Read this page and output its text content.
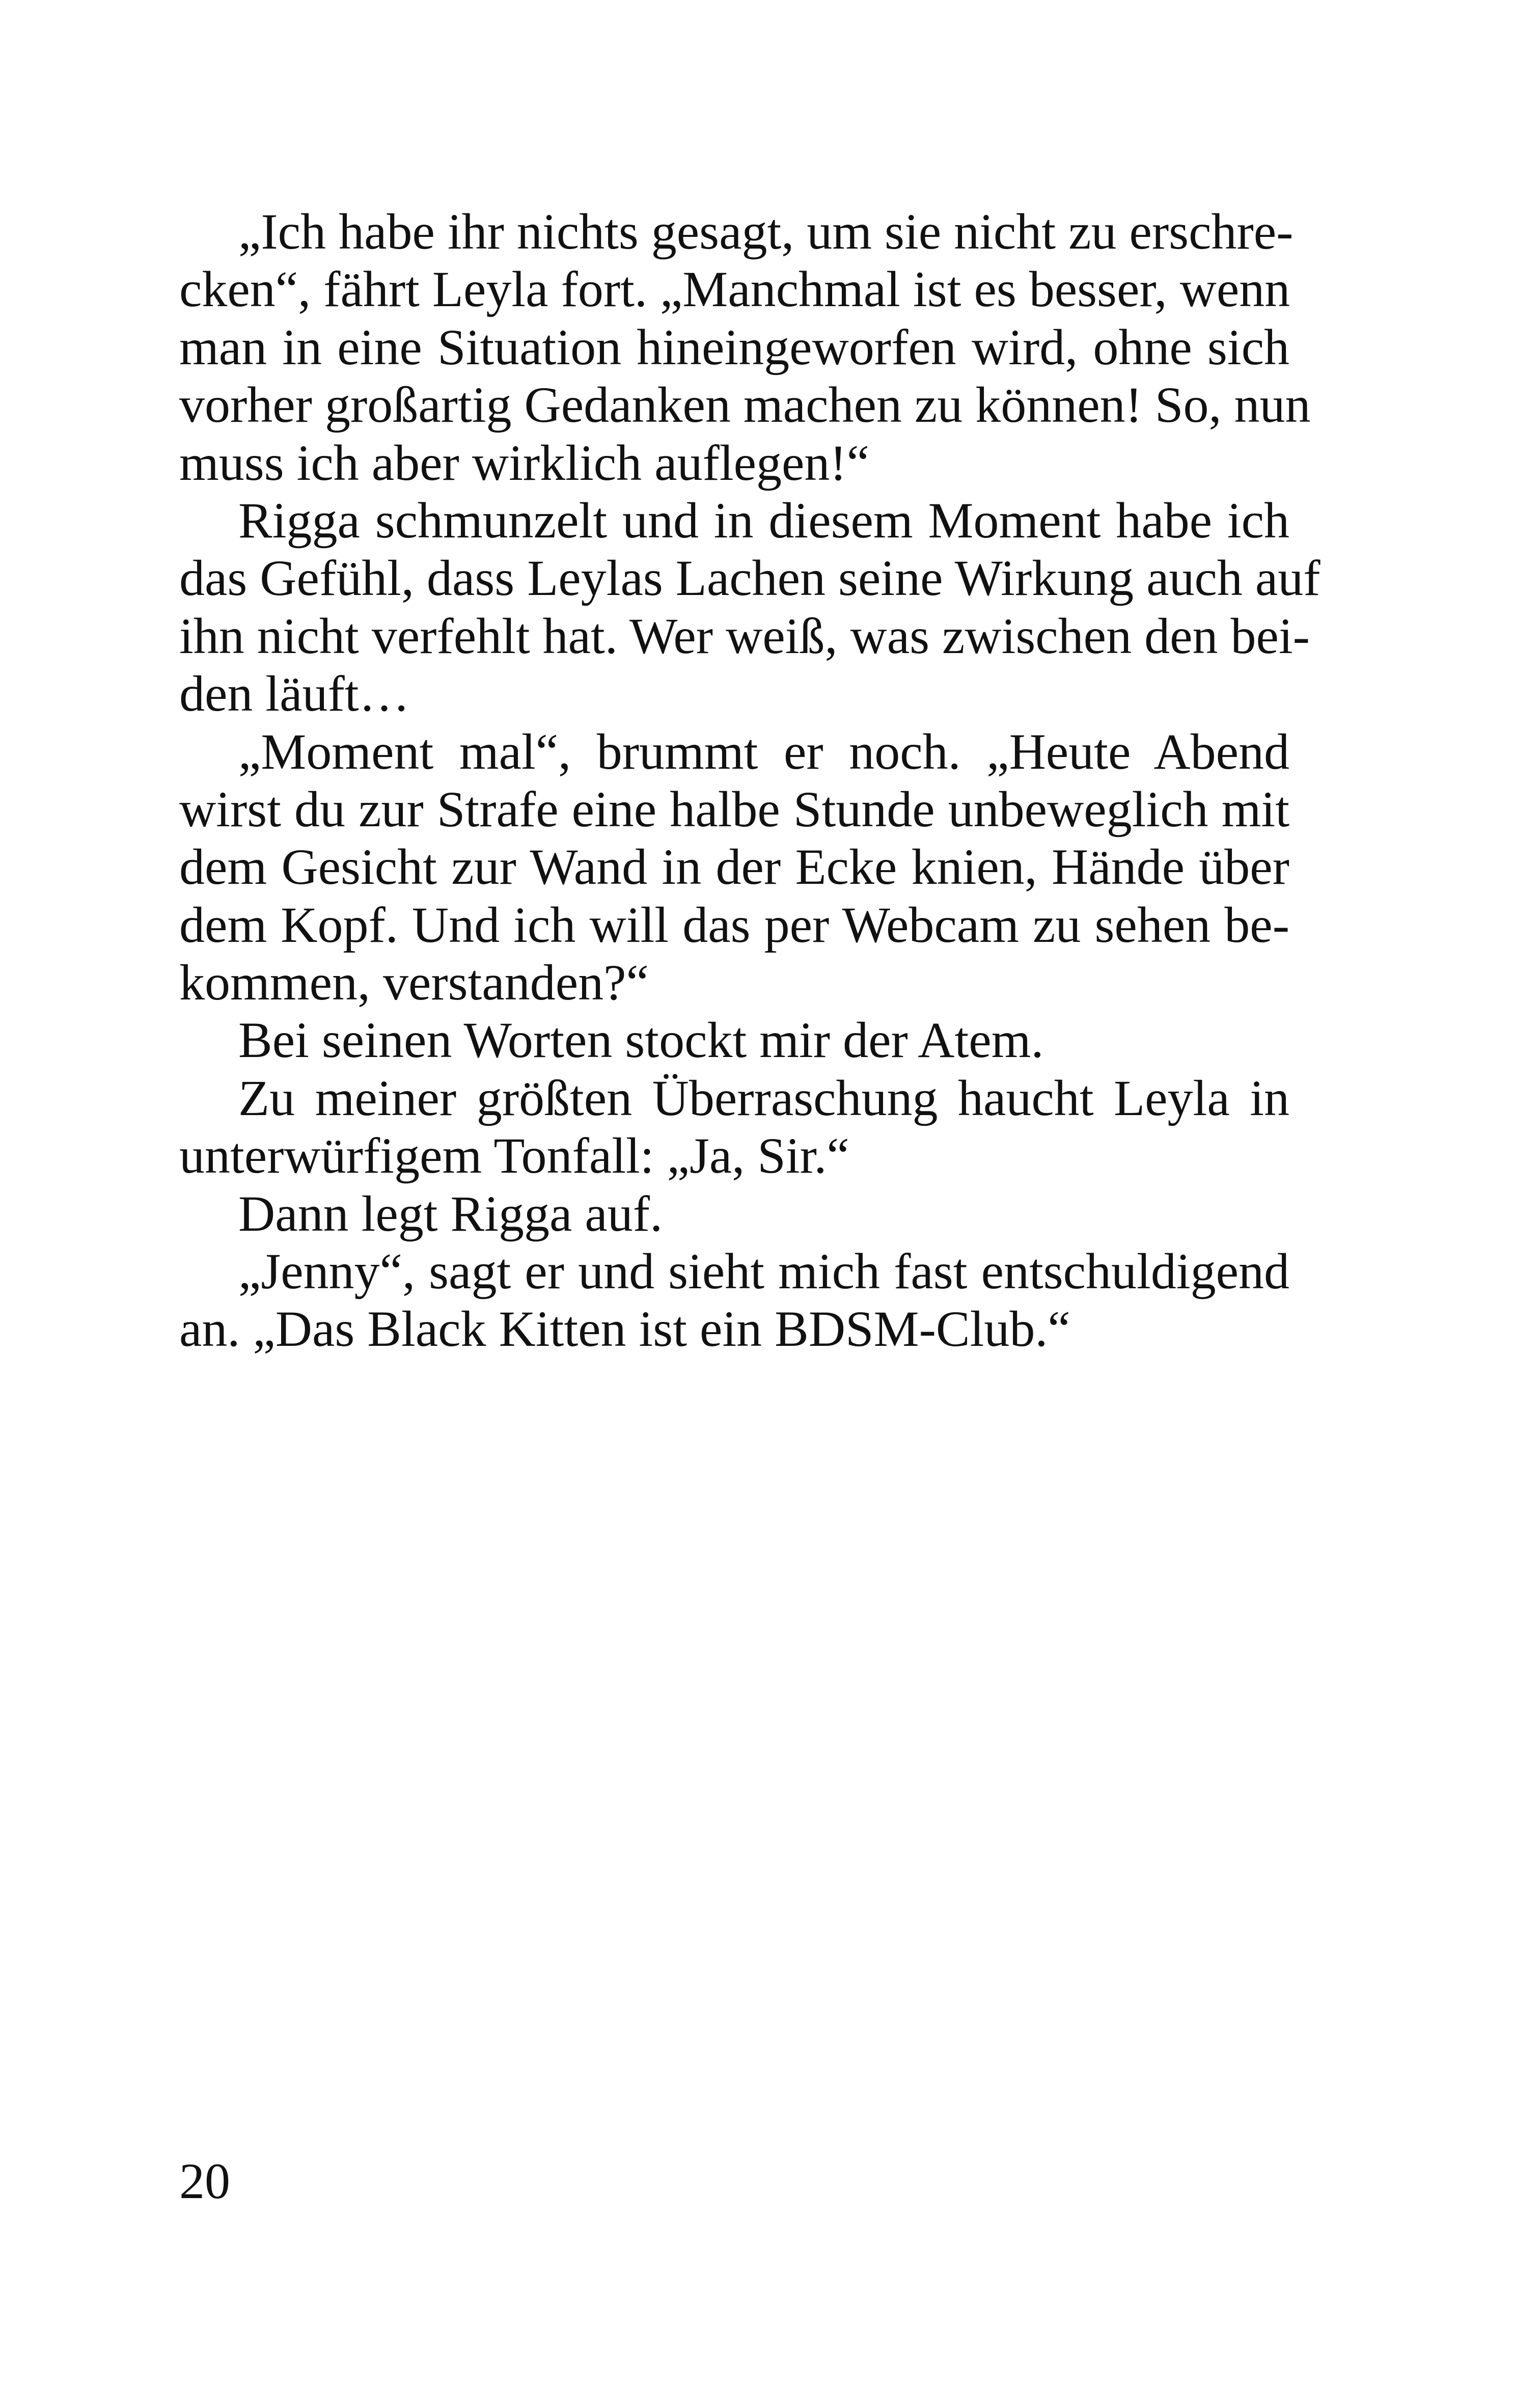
„Ich habe ihr nichts gesagt, um sie nicht zu erschre-
cken“, fährt Leyla fort. „Manchmal ist es besser, wenn
man in eine Situation hineingeworfen wird, ohne sich
vorher großartig Gedanken machen zu können! So, nun
muss ich aber wirklich auflegen!“
Rigga schmunzelt und in diesem Moment habe ich
das Gefühl, dass Leylas Lachen seine Wirkung auch auf
ihn nicht verfehlt hat. Wer weiß, was zwischen den bei-
den läuft…
„Moment mal“, brummt er noch. „Heute Abend
wirst du zur Strafe eine halbe Stunde unbeweglich mit
dem Gesicht zur Wand in der Ecke knien, Hände über
dem Kopf. Und ich will das per Webcam zu sehen be-
kommen, verstanden?“
Bei seinen Worten stockt mir der Atem.
Zu meiner größten Überraschung haucht Leyla in
unterwürfigem Tonfall: „Ja, Sir.“
Dann legt Rigga auf.
„Jenny“, sagt er und sieht mich fast entschuldigend
an. „Das Black Kitten ist ein BDSM-Club.“
20
